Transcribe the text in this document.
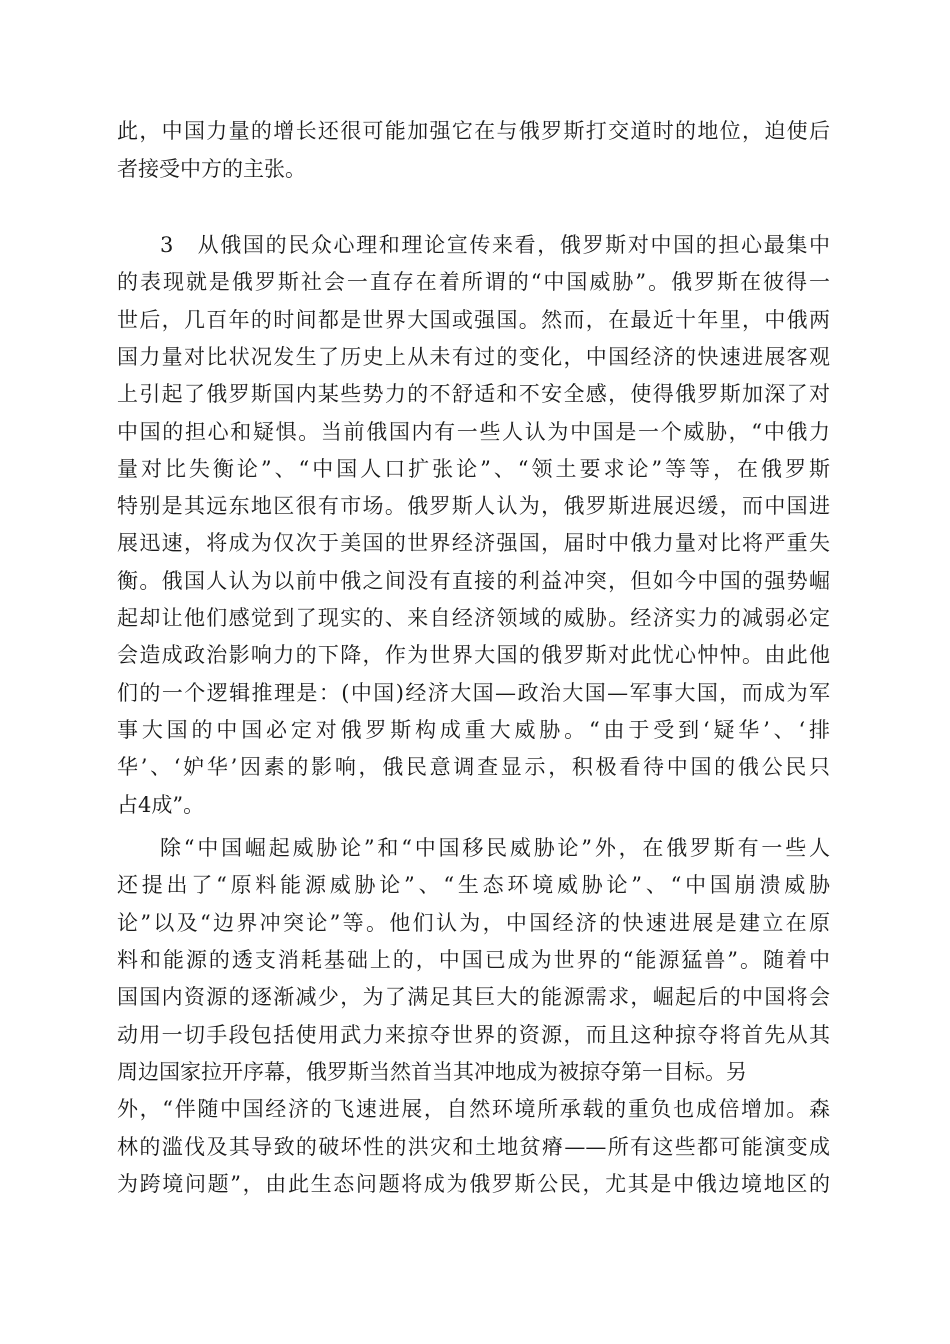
此，中国力量的增长还很可能加强它在与俄罗斯打交道时的地位，迫使后

者接受中方的主张。

3　从俄国的民众心理和理论宣传来看，俄罗斯对中国的担心最集中

的表现就是俄罗斯社会一直存在着所谓的“中国威胁”。俄罗斯在彼得一

世后，几百年的时间都是世界大国或强国。然而，在最近十年里，中俄两

国力量对比状况发生了历史上从未有过的变化，中国经济的快速进展客观

上引起了俄罗斯国内某些势力的不舒适和不安全感，使得俄罗斯加深了对

中国的担心和疑惧。当前俄国内有一些人认为中国是一个威胁，“中俄力

量对比失衡论”、“中国人口扩张论”、“领土要求论”等等，在俄罗斯

特别是其远东地区很有市场。俄罗斯人认为，俄罗斯进展迟缓，而中国进

展迅速，将成为仅次于美国的世界经济强国，届时中俄力量对比将严重失

衡。俄国人认为以前中俄之间没有直接的利益冲突，但如今中国的强势崛

起却让他们感觉到了现实的、来自经济领域的威胁。经济实力的减弱必定

会造成政治影响力的下降，作为世界大国的俄罗斯对此忧心忡忡。由此他

们的一个逻辑推理是：(中国)经济大国—政治大国—军事大国，而成为军

事大国的中国必定对俄罗斯构成重大威胁。“由于受到‘疑华’、‘排

华’、‘妒华’因素的影响，俄民意调查显示，积极看待中国的俄公民只

占4成”。

除“中国崛起威胁论”和“中国移民威胁论”外，在俄罗斯有一些人

还提出了“原料能源威胁论”、“生态环境威胁论”、“中国崩溃威胁

论”以及“边界冲突论”等。他们认为，中国经济的快速进展是建立在原

料和能源的透支消耗基础上的，中国已成为世界的“能源猛兽”。随着中

国国内资源的逐渐减少，为了满足其巨大的能源需求，崛起后的中国将会

动用一切手段包括使用武力来掠夺世界的资源，而且这种掠夺将首先从其

周边国家拉开序幕，俄罗斯当然首当其冲地成为被掠夺第一目标。另

外，“伴随中国经济的飞速进展，自然环境所承载的重负也成倍增加。森

林的滥伐及其导致的破坏性的洪灾和土地贫瘠——所有这些都可能演变成

为跨境问题”，由此生态问题将成为俄罗斯公民，尤其是中俄边境地区的
